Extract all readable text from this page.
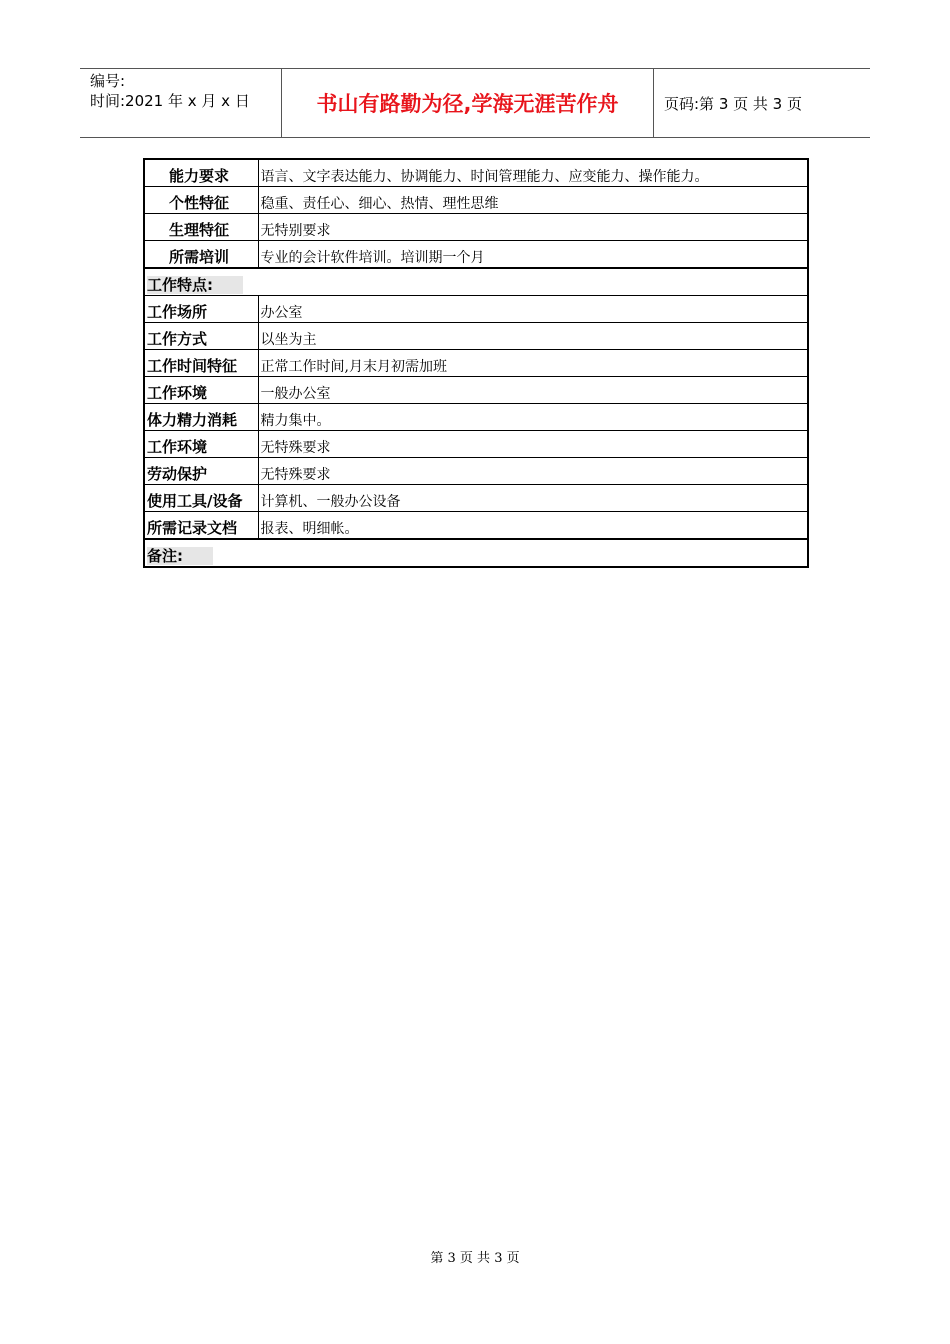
编号:
时间:2021 年 x 月 x 日	书山有路勤为径,学海无涯苦作舟	页码:第 3 页 共 3 页
能力要求	语言、文字表达能力、协调能力、时间管理能力、应变能力、操作能力。
个性特征	稳重、责任心、细心、热情、理性思维
生理特征	无特别要求
所需培训	专业的会计软件培训。培训期一个月
工作特点:	
工作场所	办公室
工作方式	以坐为主
工作时间特征	正常工作时间,月末月初需加班
工作环境	一般办公室
体力精力消耗	精力集中。
工作环境	无特殊要求
劳动保护	无特殊要求
使用工具/设备	计算机、一般办公设备
所需记录文档	报表、明细帐。
备注:	
第 3 页 共 3 页
